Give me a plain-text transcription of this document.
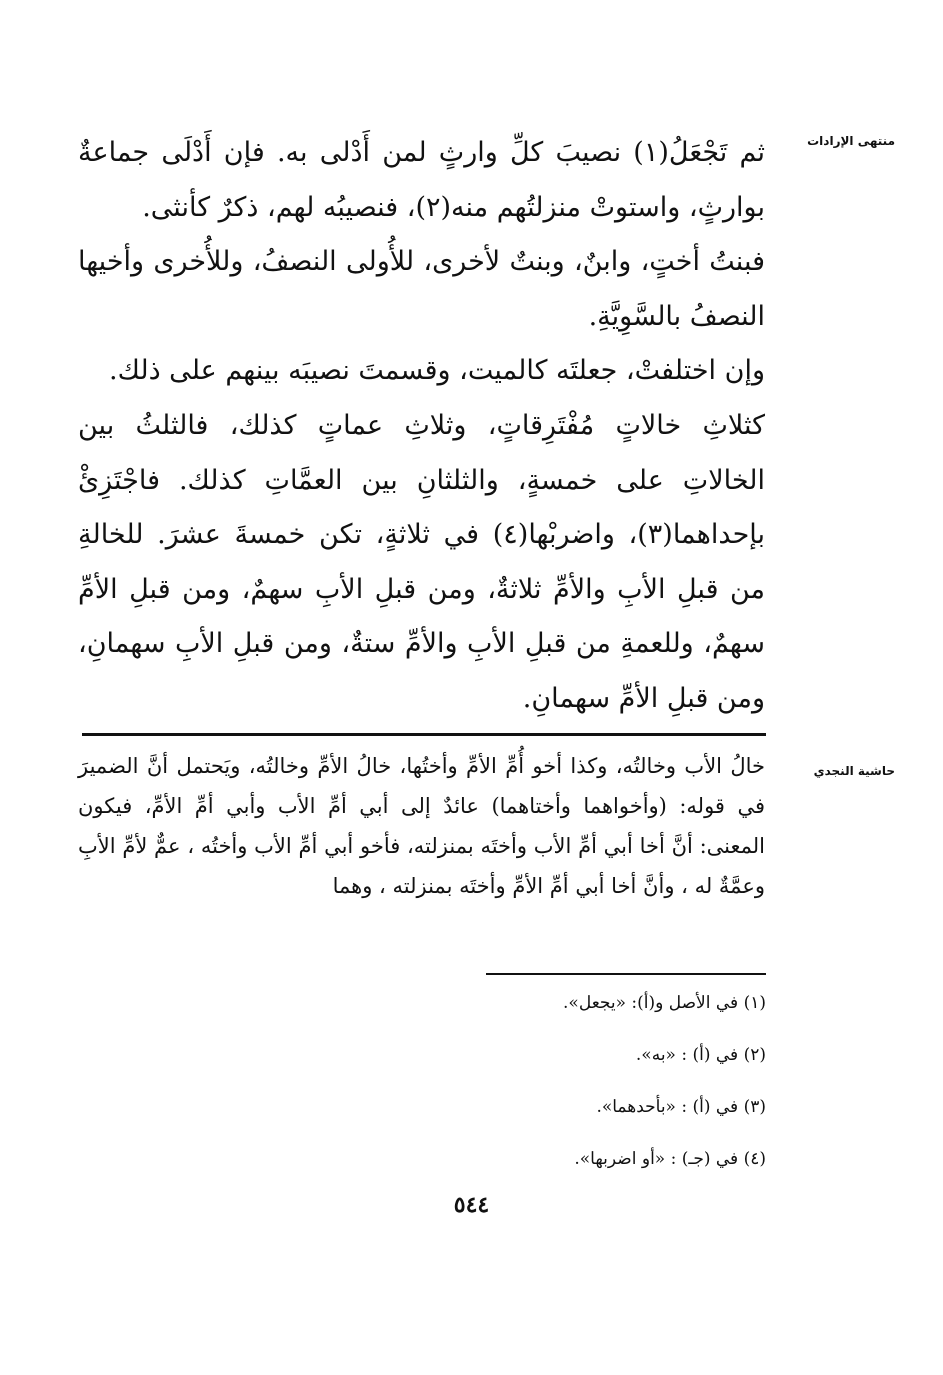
منتهى الإرادات

ثم تَجْعَلُ(١) نصيبَ كلِّ وارثٍ لمن أَدْلى به. فإن أَدْلَى جماعةٌ بوارثٍ، واستوتْ منزلتُهم منه(٢)، فنصيبُه لهم، ذكرٌ كأنثى.

فبنتُ أختٍ، وابنٌ، وبنتٌ لأخرى، للأُولى النصفُ، وللأُخرى وأخيها النصفُ بالسَّوِيَّةِ.

وإن اختلفتْ، جعلتَه كالميت، وقسمتَ نصيبَه بينهم على ذلك.

كثلاثِ خالاتٍ مُفْتَرِقاتٍ، وثلاثِ عماتٍ كذلك، فالثلثُ بين الخالاتِ على خمسةٍ، والثلثانِ بين العمَّاتِ كذلك. فاجْتَزِئْ بإحداهما(٣)، واضربْها(٤) في ثلاثةٍ، تكن خمسةَ عشرَ. للخالةِ من قبلِ الأبِ والأمِّ ثلاثةٌ، ومن قبلِ الأبِ سهمٌ، ومن قبلِ الأمِّ سهمٌ، وللعمةِ من قبلِ الأبِ والأمِّ ستةٌ، ومن قبلِ الأبِ سهمانِ، ومن قبلِ الأمِّ سهمانِ.

حاشية النجدي

خالُ الأب وخالتُه، وكذا أخو أُمِّ الأمِّ وأختُها، خالُ الأمِّ وخالتُه، ويَحتمل أنَّ الضميرَ في قوله: (وأخواهما وأختاهما) عائدٌ إلى أبي أمِّ الأب وأبي أمِّ الأمِّ، فيكون المعنى: أنَّ أخا أبي أمِّ الأب وأختَه بمنزلته، فأخو أبي أمِّ الأب وأختُه ، عمٌّ لأمِّ الأبِ وعمَّةٌ له ، وأنَّ أخا أبي أمِّ الأمِّ وأختَه بمنزلته ، وهما

(١) في الأصل و(أ): «يجعل».

(٢) في (أ) : «به».

(٣) في (أ) : «بأحدهما».

(٤) في (جـ) : «أو اضربها».

٥٤٤
